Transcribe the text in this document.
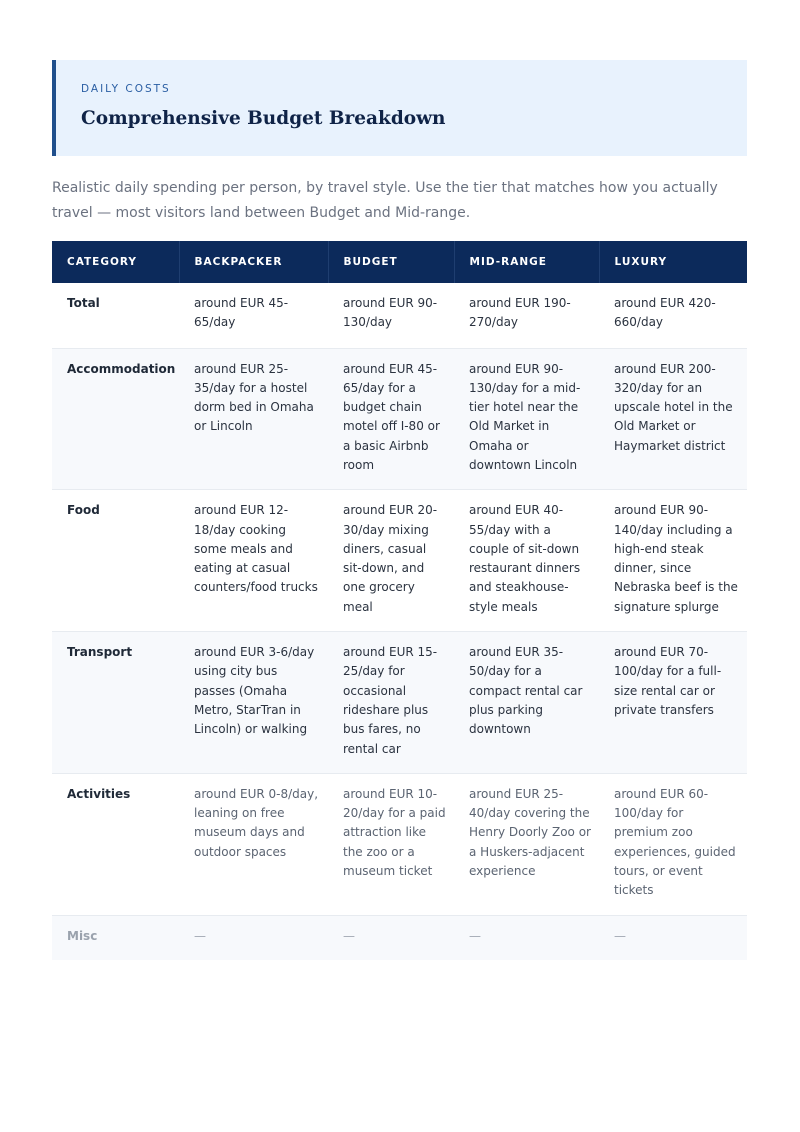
DAILY COSTS
Comprehensive Budget Breakdown

Realistic daily spending per person, by travel style. Use the tier that matches how you actually travel — most visitors land between Budget and Mid-range.

CATEGORY	BACKPACKER	BUDGET	MID-RANGE	LUXURY
Total	around EUR 45-65/day	around EUR 90-130/day	around EUR 190-270/day	around EUR 420-660/day
Accommodation	around EUR 25-35/day for a hostel dorm bed in Omaha or Lincoln	around EUR 45-65/day for a budget chain motel off I-80 or a basic Airbnb room	around EUR 90-130/day for a mid-tier hotel near the Old Market in Omaha or downtown Lincoln	around EUR 200-320/day for an upscale hotel in the Old Market or Haymarket district
Food	around EUR 12-18/day cooking some meals and eating at casual counters/food trucks	around EUR 20-30/day mixing diners, casual sit-down, and one grocery meal	around EUR 40-55/day with a couple of sit-down restaurant dinners and steakhouse-style meals	around EUR 90-140/day including a high-end steak dinner, since Nebraska beef is the signature splurge
Transport	around EUR 3-6/day using city bus passes (Omaha Metro, StarTran in Lincoln) or walking	around EUR 15-25/day for occasional rideshare plus bus fares, no rental car	around EUR 35-50/day for a compact rental car plus parking downtown	around EUR 70-100/day for a full-size rental car or private transfers
Activities	around EUR 0-8/day, leaning on free museum days and outdoor spaces	around EUR 10-20/day for a paid attraction like the zoo or a museum ticket	around EUR 25-40/day covering the Henry Doorly Zoo or a Huskers-adjacent experience	around EUR 60-100/day for premium zoo experiences, guided tours, or event tickets
Misc	—	—	—	—
